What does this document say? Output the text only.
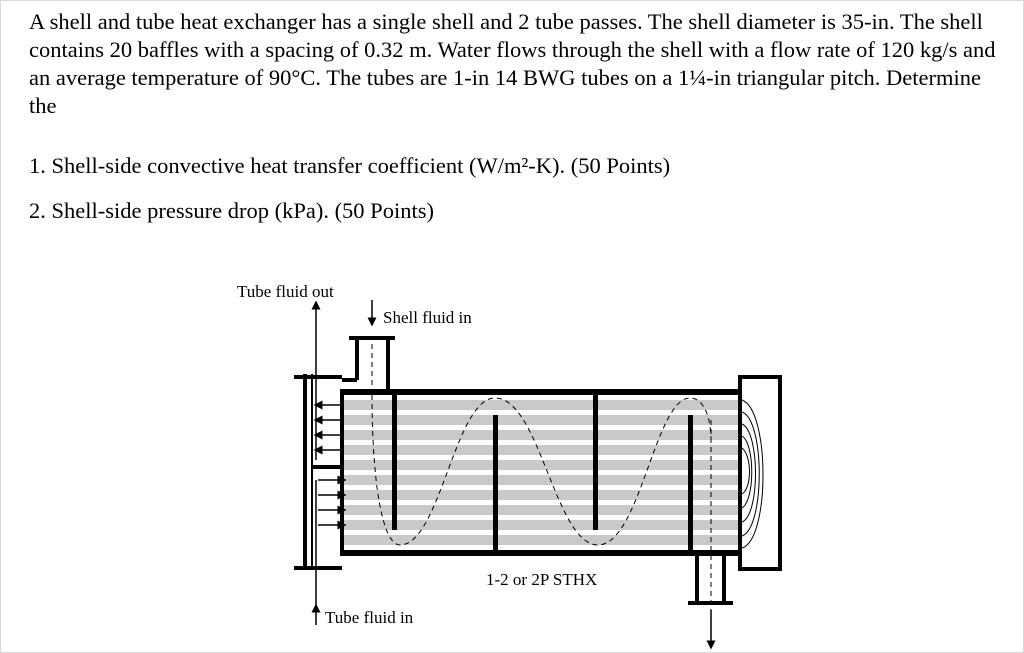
A shell and tube heat exchanger has a single shell and 2 tube passes. The shell diameter is 35-in. The shell contains 20 baffles with a spacing of 0.32 m. Water flows through the shell with a flow rate of 120 kg/s and an average temperature of 90°C. The tubes are 1-in 14 BWG tubes on a 1¼-in triangular pitch. Determine the

1. Shell-side convective heat transfer coefficient (W/m²-K). (50 Points)

2. Shell-side pressure drop (kPa). (50 Points)

Tube fluid out
Shell fluid in
1-2 or 2P STHX
Tube fluid in
